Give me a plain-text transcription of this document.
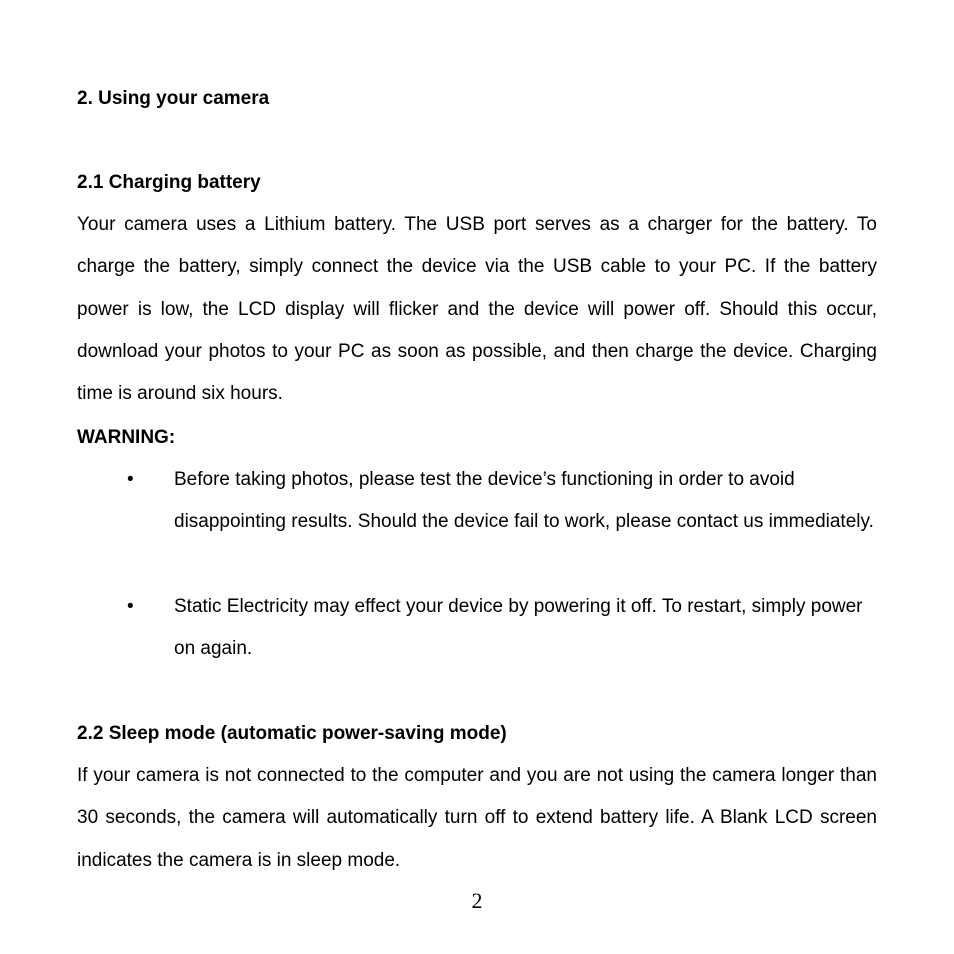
2. Using your camera
2.1 Charging battery
Your camera uses a Lithium battery. The USB port serves as a charger for the battery. To charge the battery, simply connect the device via the USB cable to your PC. If the battery power is low, the LCD display will flicker and the device will power off. Should this occur, download your photos to your PC as soon as possible, and then charge the device. Charging time is around six hours.
WARNING:
• Before taking photos, please test the device’s functioning in order to avoid disappointing results. Should the device fail to work, please contact us immediately.
• Static Electricity may effect your device by powering it off. To restart, simply power on again.
2.2 Sleep mode (automatic power-saving mode)
If your camera is not connected to the computer and you are not using the camera longer than 30 seconds, the camera will automatically turn off to extend battery life. A Blank LCD screen indicates the camera is in sleep mode.
2
